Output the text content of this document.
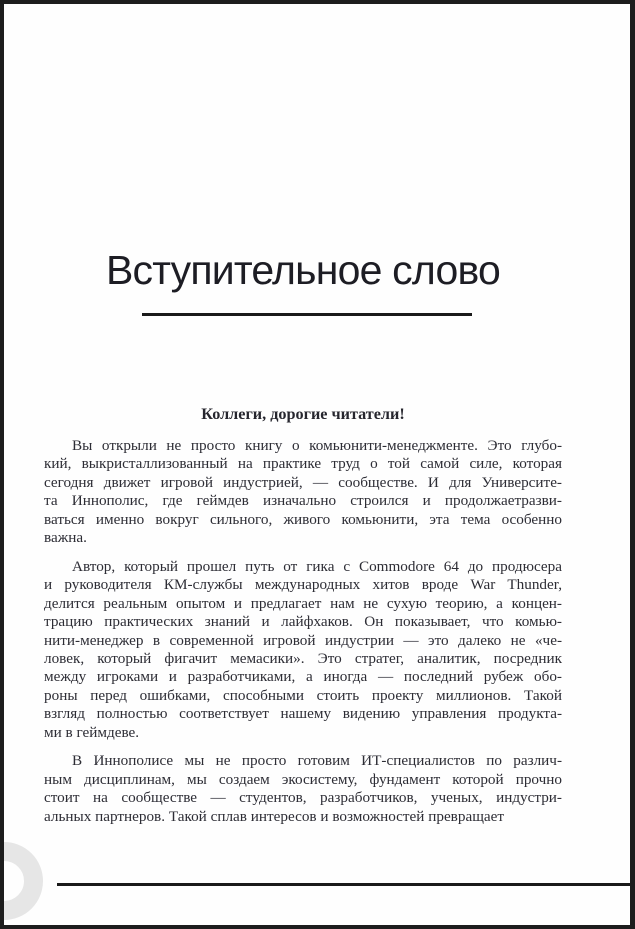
Вступительное слово
Коллеги, дорогие читатели!
Вы открыли не просто книгу о комьюнити-менеджменте. Это глубо-
кий, выкристаллизованный на практике труд о той самой силе, которая
сегодня движет игровой индустрией, — сообществе. И для Университе-
та Иннополис, где геймдев изначально строился и продолжаетразви-
ваться именно вокруг сильного, живого комьюнити, эта тема особенно
важна.
Автор, который прошел путь от гика с Commodore 64 до продюсера
и руководителя КМ-службы международных хитов вроде War Thunder,
делится реальным опытом и предлагает нам не сухую теорию, а концен-
трацию практических знаний и лайфхаков. Он показывает, что комью-
нити-менеджер в современной игровой индустрии — это далеко не «че-
ловек, который фигачит мемасики». Это стратег, аналитик, посредник
между игроками и разработчиками, а иногда — последний рубеж обо-
роны перед ошибками, способными стоить проекту миллионов. Такой
взгляд полностью соответствует нашему видению управления продукта-
ми в геймдеве.
В Иннополисе мы не просто готовим ИТ-специалистов по различ-
ным дисциплинам, мы создаем экосистему, фундамент которой прочно
стоит на сообществе — студентов, разработчиков, ученых, индустри-
альных партнеров. Такой сплав интересов и возможностей превращает
